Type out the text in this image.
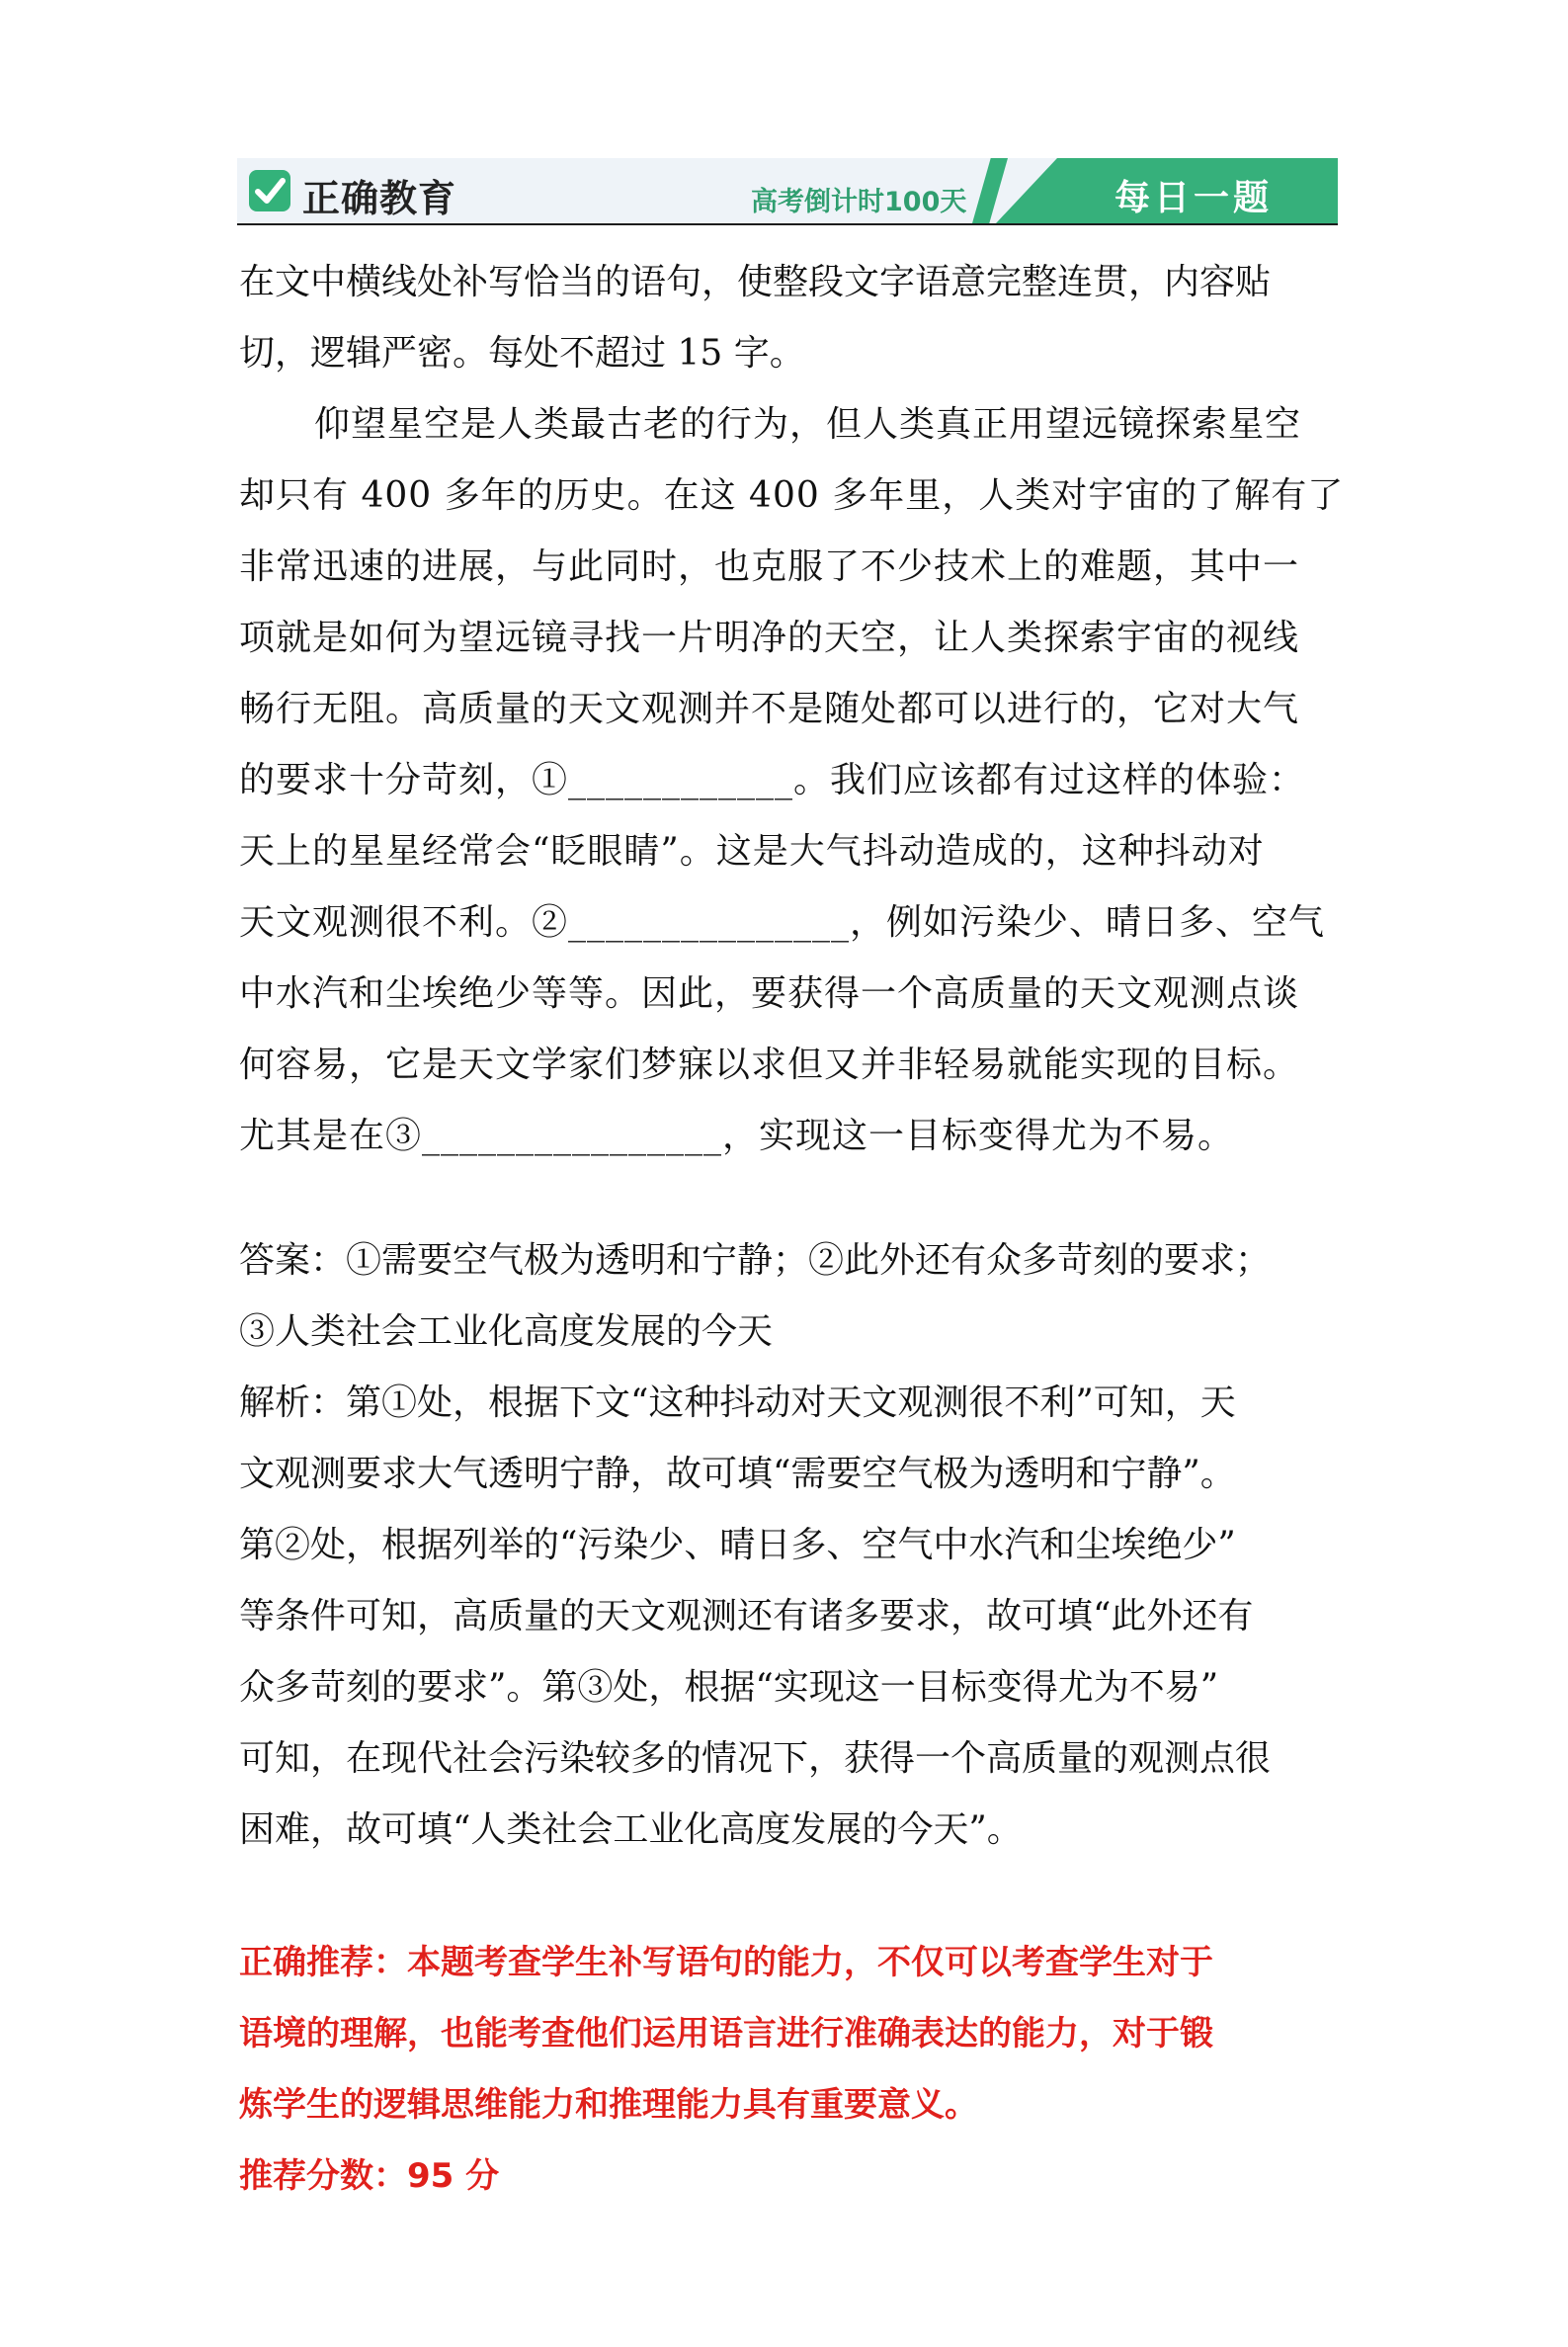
正确教育	高考倒计时100天	每日一题

在文中横线处补写恰当的语句，使整段文字语意完整连贯，内容贴

切，逻辑严密。每处不超过 15 字。

仰望星空是人类最古老的行为，但人类真正用望远镜探索星空

却只有 400 多年的历史。在这 400 多年里，人类对宇宙的了解有了

非常迅速的进展，与此同时，也克服了不少技术上的难题，其中一

项就是如何为望远镜寻找一片明净的天空，让人类探索宇宙的视线

畅行无阻。高质量的天文观测并不是随处都可以进行的，它对大气

的要求十分苛刻，①____________。我们应该都有过这样的体验：

天上的星星经常会“眨眼睛”。这是大气抖动造成的，这种抖动对

天文观测很不利。②_______________，例如污染少、晴日多、空气

中水汽和尘埃绝少等等。因此，要获得一个高质量的天文观测点谈

何容易，它是天文学家们梦寐以求但又并非轻易就能实现的目标。

尤其是在③________________，实现这一目标变得尤为不易。

答案：①需要空气极为透明和宁静；②此外还有众多苛刻的要求；

③人类社会工业化高度发展的今天

解析：第①处，根据下文“这种抖动对天文观测很不利”可知，天

文观测要求大气透明宁静，故可填“需要空气极为透明和宁静”。

第②处，根据列举的“污染少、晴日多、空气中水汽和尘埃绝少”

等条件可知，高质量的天文观测还有诸多要求，故可填“此外还有

众多苛刻的要求”。第③处，根据“实现这一目标变得尤为不易”

可知，在现代社会污染较多的情况下，获得一个高质量的观测点很

困难，故可填“人类社会工业化高度发展的今天”。

正确推荐：本题考查学生补写语句的能力，不仅可以考查学生对于

语境的理解，也能考查他们运用语言进行准确表达的能力，对于锻

炼学生的逻辑思维能力和推理能力具有重要意义。

推荐分数：95 分
